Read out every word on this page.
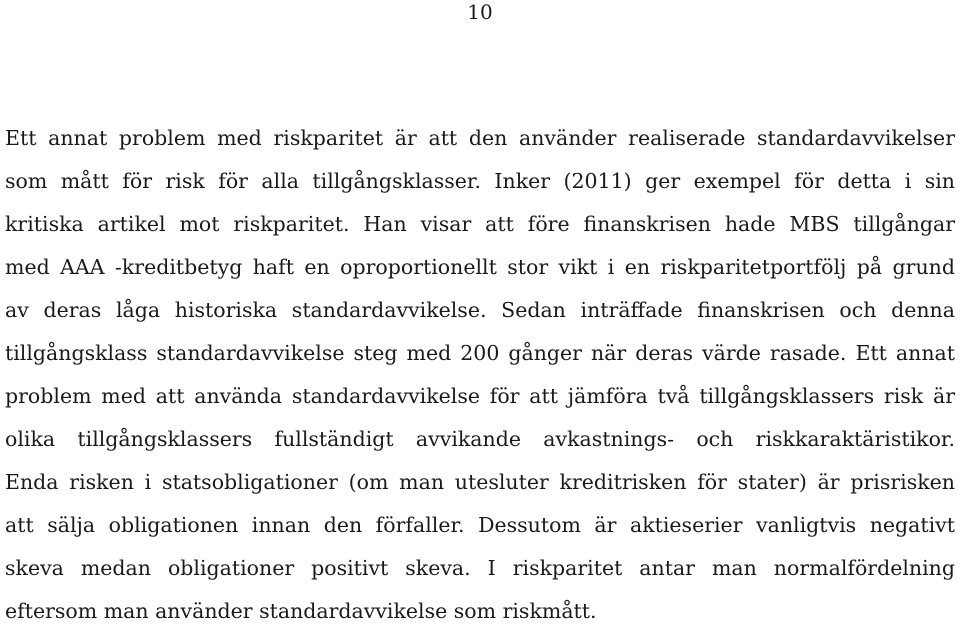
10
Ett annat problem med riskparitet är att den använder realiserade standardavvikelser
som mått för risk för alla tillgångsklasser. Inker (2011) ger exempel för detta i sin
kritiska artikel mot riskparitet. Han visar att före finanskrisen hade MBS tillgångar
med AAA -kreditbetyg haft en oproportionellt stor vikt i en riskparitetportfölj på grund
av deras låga historiska standardavvikelse. Sedan inträffade finanskrisen och denna
tillgångsklass standardavvikelse steg med 200 gånger när deras värde rasade. Ett annat
problem med att använda standardavvikelse för att jämföra två tillgångsklassers risk är
olika tillgångsklassers fullständigt avvikande avkastnings- och riskkaraktäristikor.
Enda risken i statsobligationer (om man utesluter kreditrisken för stater) är prisrisken
att sälja obligationen innan den förfaller. Dessutom är aktieserier vanligtvis negativt
skeva medan obligationer positivt skeva. I riskparitet antar man normalfördelning
eftersom man använder standardavvikelse som riskmått.
